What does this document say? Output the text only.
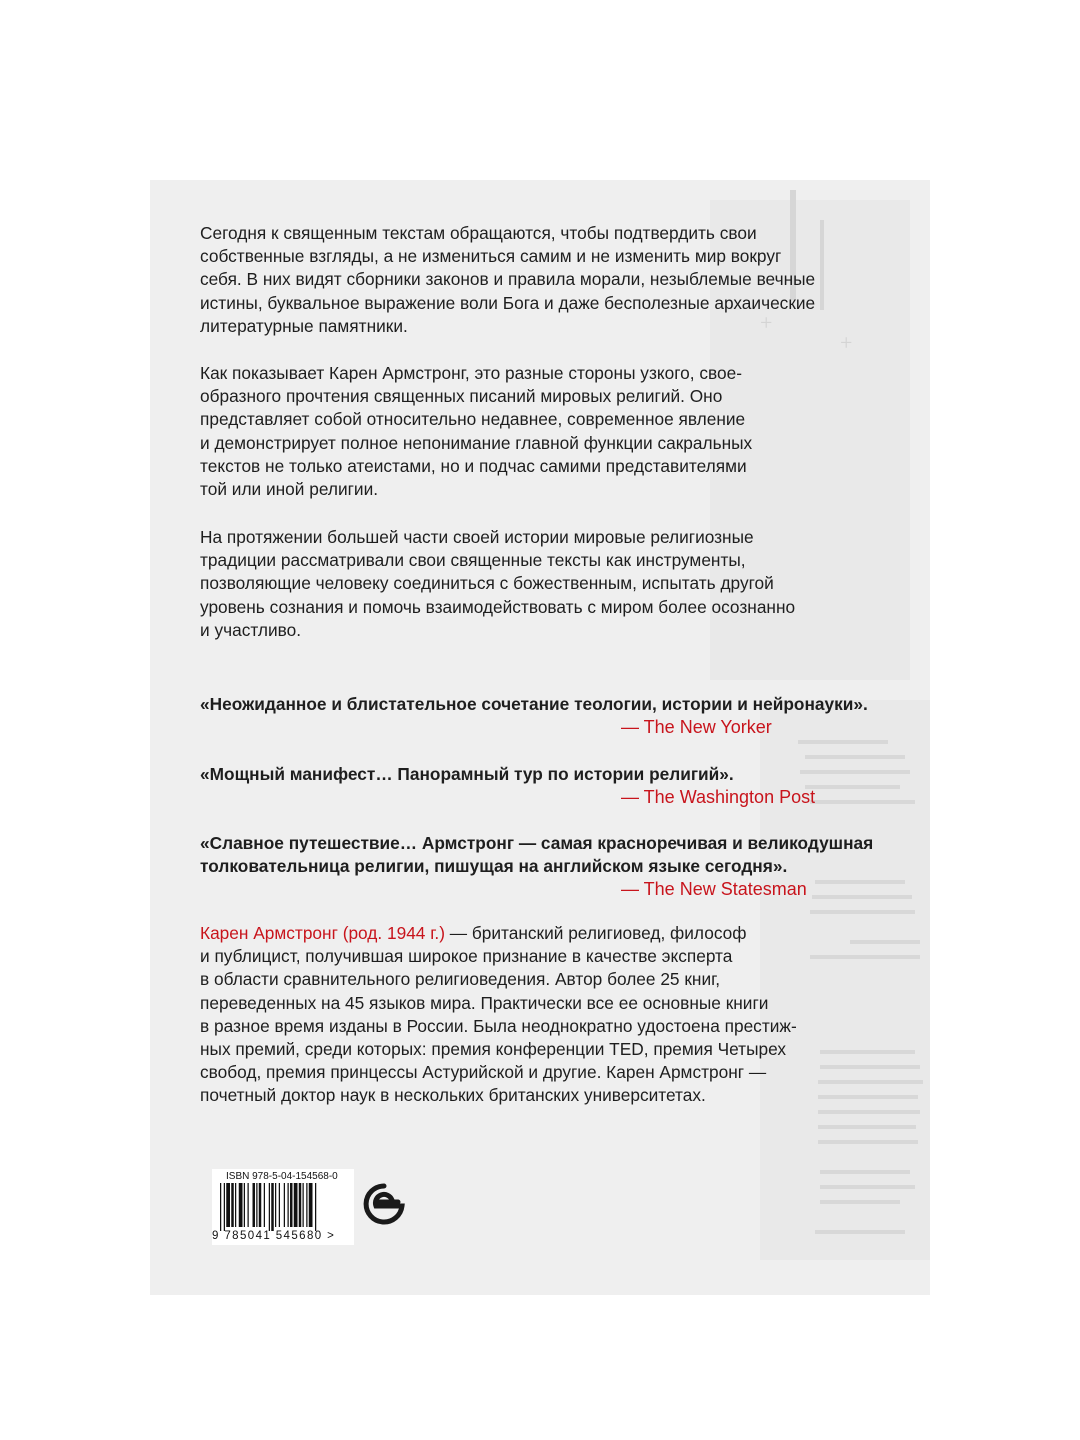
+
+

Сегодня к священным текстам обращаются, чтобы подтвердить свои

собственные взгляды, а не измениться самим и не изменить мир вокруг

себя. В них видят сборники законов и правила морали, незыблемые вечные

истины, буквальное выражение воли Бога и даже бесполезные архаические

литературные памятники.

Как показывает Карен Армстронг, это разные стороны узкого, свое-

образного прочтения священных писаний мировых религий. Оно

представляет собой относительно недавнее, современное явление

и демонстрирует полное непонимание главной функции сакральных

текстов не только атеистами, но и подчас самими представителями

той или иной религии.

На протяжении большей части своей истории мировые религиозные

традиции рассматривали свои священные тексты как инструменты,

позволяющие человеку соединиться с божественным, испытать другой

уровень сознания и помочь взаимодействовать с миром более осознанно

и участливо.

«Неожиданное и блистательное сочетание теологии, истории и нейронауки».
— The New Yorker
«Мощный манифест… Панорамный тур по истории религий».
— The Washington Post
«Славное путешествие… Армстронг — самая красноречивая и великодушная
толковательница религии, пишущая на английском языке сегодня».
— The New Statesman

Карен Армстронг (род. 1944 г.) — британский религиовед, философ

и публицист, получившая широкое признание в качестве эксперта

в области сравнительного религиоведения. Автор более 25 книг,

переведенных на 45 языков мира. Практически все ее основные книги

в разное время изданы в России. Была неоднократно удостоена престиж-

ных премий, среди которых: премия конференции TED, премия Четырех

свобод, премия принцессы Астурийской и другие. Карен Армстронг —

почетный доктор наук в нескольких британских университетах.

ISBN 978-5-04-154568-0
9 785041 545680 >
